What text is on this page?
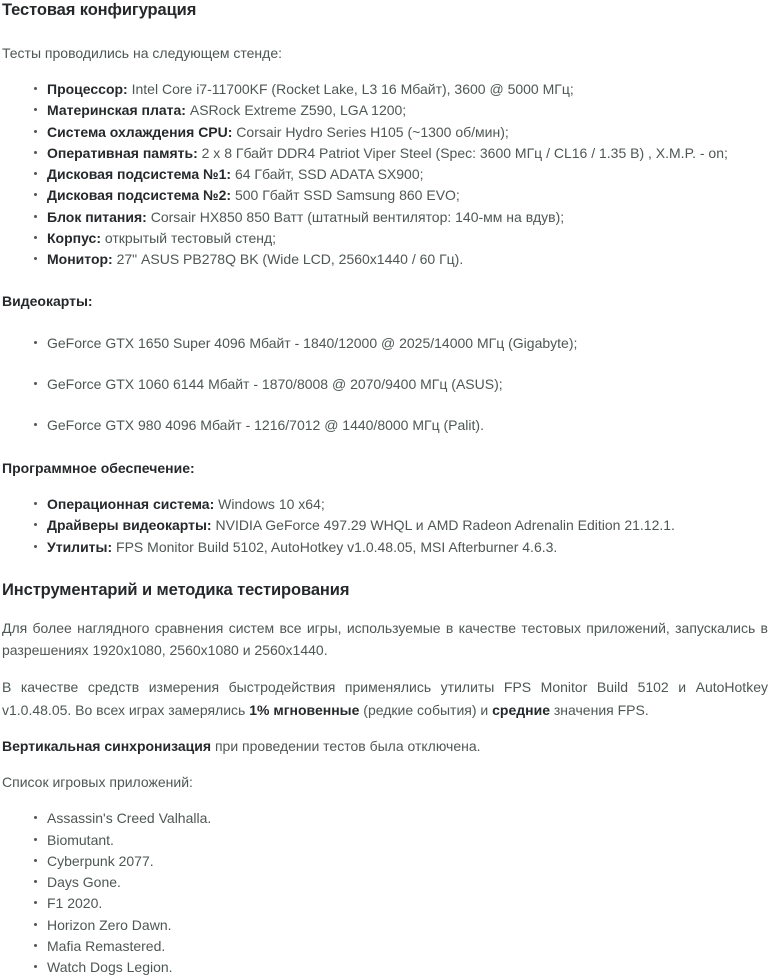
Тестовая конфигурация

Тесты проводились на следующем стенде:

Процессор: Intel Core i7-11700KF (Rocket Lake, L3 16 Мбайт), 3600 @ 5000 МГц;
Материнская плата: ASRock Extreme Z590, LGA 1200;
Система охлаждения CPU: Corsair Hydro Series H105 (~1300 об/мин);
Оперативная память: 2 x 8 Гбайт DDR4 Patriot Viper Steel (Spec: 3600 МГц / CL16 / 1.35 В) , X.M.P. - on;
Дисковая подсистема №1: 64 Гбайт, SSD ADATA SX900;
Дисковая подсистема №2: 500 Гбайт SSD Samsung 860 EVO;
Блок питания: Corsair HX850 850 Ватт (штатный вентилятор: 140-мм на вдув);
Корпус: открытый тестовый стенд;
Монитор: 27" ASUS PB278Q BK (Wide LCD, 2560x1440 / 60 Гц).

Видеокарты:

GeForce GTX 1650 Super 4096 Мбайт - 1840/12000 @ 2025/14000 МГц (Gigabyte);
GeForce GTX 1060 6144 Мбайт - 1870/8008 @ 2070/9400 МГц (ASUS);
GeForce GTX 980 4096 Мбайт - 1216/7012 @ 1440/8000 МГц (Palit).

Программное обеспечение:

Операционная система: Windows 10 x64;
Драйверы видеокарты: NVIDIA GeForce 497.29 WHQL и AMD Radeon Adrenalin Edition 21.12.1.
Утилиты: FPS Monitor Build 5102, AutoHotkey v1.0.48.05, MSI Afterburner 4.6.3.
Инструментарий и методика тестирования

Для более наглядного сравнения систем все игры, используемые в качестве тестовых приложений, запускались в разрешениях 1920x1080, 2560x1080 и 2560x1440.

В качестве средств измерения быстродействия применялись утилиты FPS Monitor Build 5102 и AutoHotkey v1.0.48.05. Во всех играх замерялись 1% мгновенные (редкие события) и средние значения FPS.

Вертикальная синхронизация при проведении тестов была отключена.

Список игровых приложений:

Assassin's Creed Valhalla.
Biomutant.
Cyberpunk 2077.
Days Gone.
F1 2020.
Horizon Zero Dawn.
Mafia Remastered.
Watch Dogs Legion.
